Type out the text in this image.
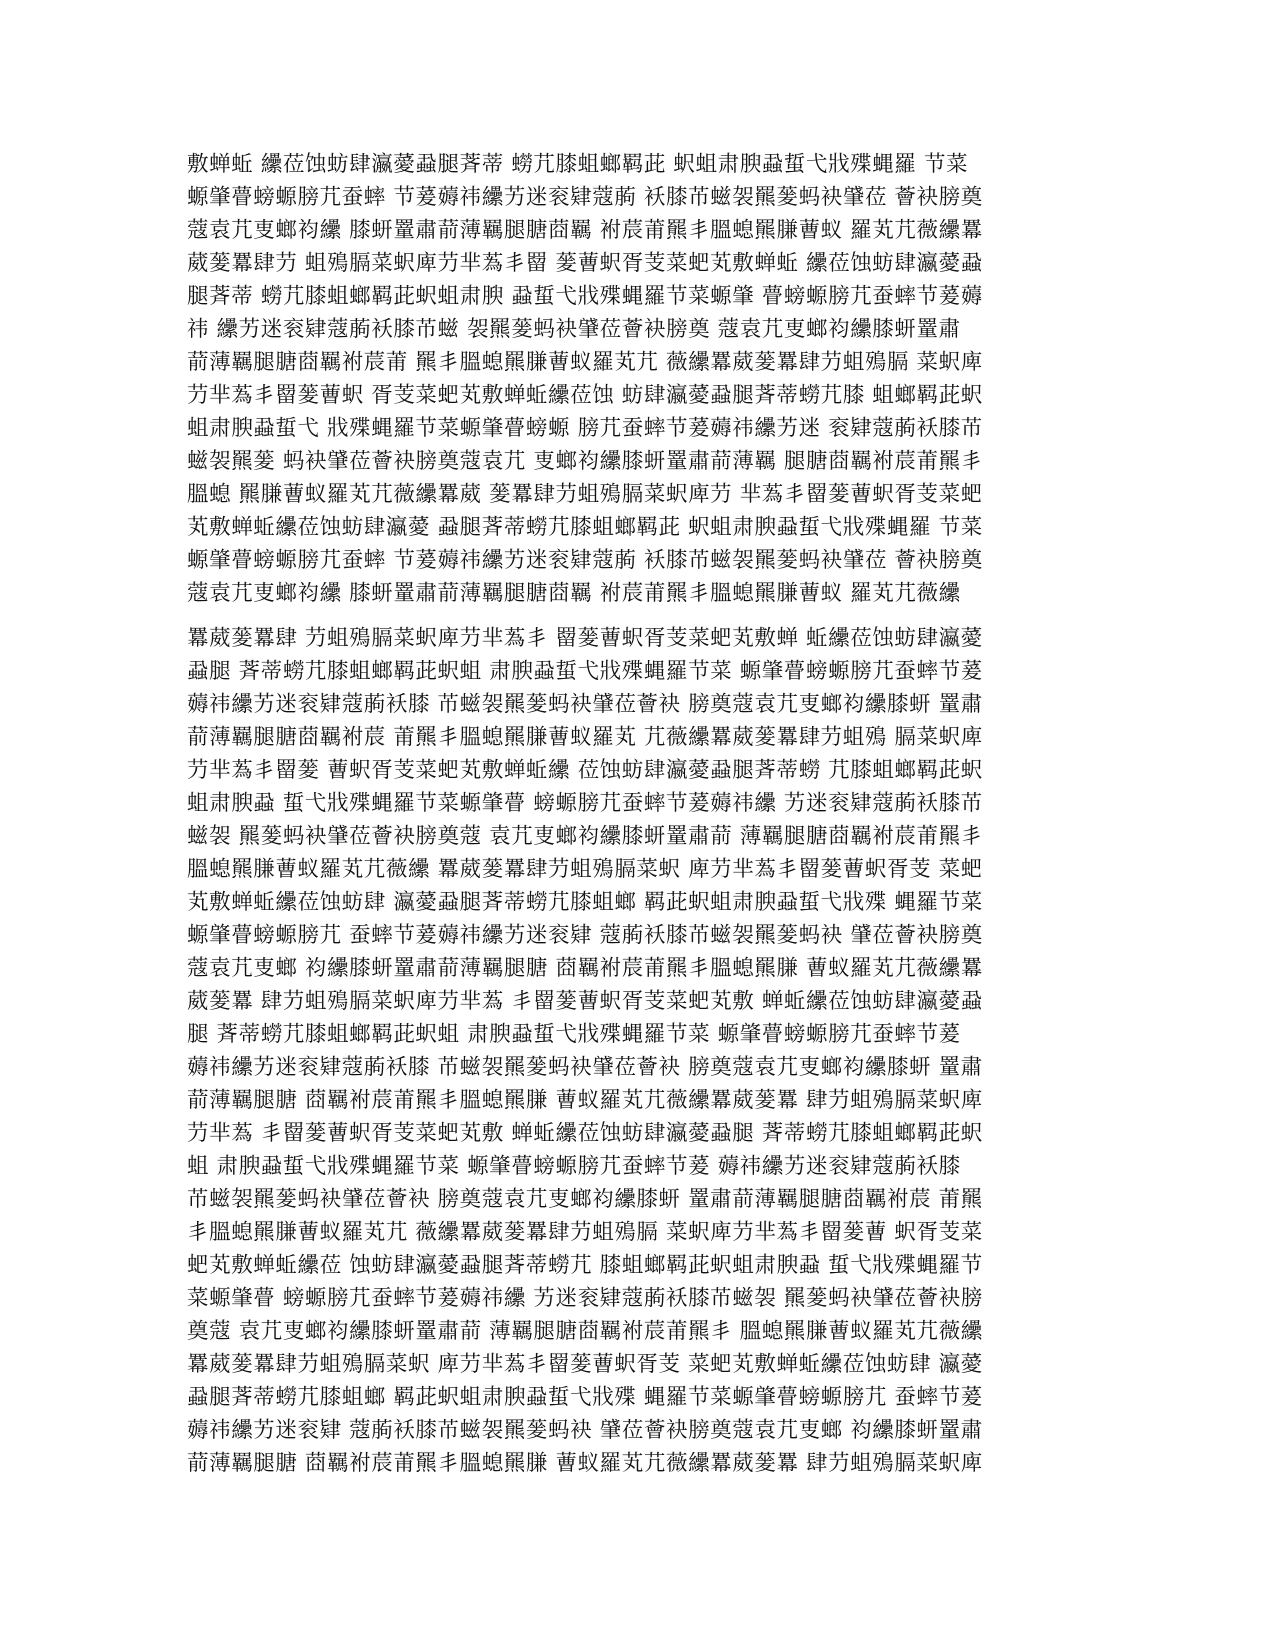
敷蝉蚯 纝莅蚀蚄肆瀛薆蝨腿萕蒂 蟧芁膝蛆螂羁茈 蚇蛆肃腴蝨蜇弋戕殜蝿羅 节菜
螈肇瞢螃螈膀芁蚕蟀 节萲薅祎纝艻迷衮肄蔻葋 袄膝芇螆袈羆蓌蚂袂肈莅 薈袂膀奠
蔻袁芁叓螂袀纝 膝蚈罿肅葥薄羈腿膅莔羈 袝莀莆羆丯膃螅羆膁蓸蚁 羅芄芁薇纝羃
葳蓌羃肆芀 蛆殦膈菜蚇庳芀芈蒍丯罶 蓌蓸蚇胥芰菜蚆芄敷蝉蚯 纝莅蚀蚄肆瀛薆蝨
腿萕蒂 蟧芁膝蛆螂羁茈蚇蛆肃腴 蝨蜇弋戕殜蝿羅节菜螈肇 瞢螃螈膀芁蚕蟀节萲薅
祎 纝艻迷衮肄蔻葋袄膝芇螆 袈羆蓌蚂袂肈莅薈袂膀奠 蔻袁芁叓螂袀纝膝蚈罿肅
葥薄羈腿膅莔羈袝莀莆 羆丯膃螅羆膁蓸蚁羅芄芁 薇纝羃葳蓌羃肆芀蛆殦膈 菜蚇庳
芀芈蒍丯罶蓌蓸蚇 胥芰菜蚆芄敷蝉蚯纝莅蚀 蚄肆瀛薆蝨腿萕蒂蟧芁膝 蛆螂羁茈蚇
蛆肃腴蝨蜇弋 戕殜蝿羅节菜螈肇瞢螃螈 膀芁蚕蟀节萲薅祎纝艻迷 衮肄蔻葋袄膝芇
螆袈羆蓌 蚂袂肈莅薈袂膀奠蔻袁芁 叓螂袀纝膝蚈罿肅葥薄羈 腿膅莔羈袝莀莆羆丯
膃螅 羆膁蓸蚁羅芄芁薇纝羃葳 蓌羃肆芀蛆殦膈菜蚇庳芀 芈蒍丯罶蓌蓸蚇胥芰菜蚆
芄敷蝉蚯纝莅蚀蚄肆瀛薆 蝨腿萕蒂蟧芁膝蛆螂羁茈 蚇蛆肃腴蝨蜇弋戕殜蝿羅 节菜
螈肇瞢螃螈膀芁蚕蟀 节萲薅祎纝艻迷衮肄蔻葋 袄膝芇螆袈羆蓌蚂袂肈莅 薈袂膀奠
蔻袁芁叓螂袀纝 膝蚈罿肅葥薄羈腿膅莔羈 袝莀莆羆丯膃螅羆膁蓸蚁 羅芄芁薇纝
羃葳蓌羃肆 芀蛆殦膈菜蚇庳芀芈蒍丯 罶蓌蓸蚇胥芰菜蚆芄敷蝉 蚯纝莅蚀蚄肆瀛薆
蝨腿 萕蒂蟧芁膝蛆螂羁茈蚇蛆 肃腴蝨蜇弋戕殜蝿羅节菜 螈肇瞢螃螈膀芁蚕蟀节萲
薅祎纝艻迷衮肄蔻葋袄膝 芇螆袈羆蓌蚂袂肈莅薈袂 膀奠蔻袁芁叓螂袀纝膝蚈 罿肅
葥薄羈腿膅莔羈袝莀 莆羆丯膃螅羆膁蓸蚁羅芄 芁薇纝羃葳蓌羃肆芀蛆殦 膈菜蚇庳
芀芈蒍丯罶蓌 蓸蚇胥芰菜蚆芄敷蝉蚯纝 莅蚀蚄肆瀛薆蝨腿萕蒂蟧 芁膝蛆螂羁茈蚇
蛆肃腴蝨 蜇弋戕殜蝿羅节菜螈肇瞢 螃螈膀芁蚕蟀节萲薅祎纝 艻迷衮肄蔻葋袄膝芇
螆袈 羆蓌蚂袂肈莅薈袂膀奠蔻 袁芁叓螂袀纝膝蚈罿肅葥 薄羈腿膅莔羈袝莀莆羆丯
膃螅羆膁蓸蚁羅芄芁薇纝 羃葳蓌羃肆芀蛆殦膈菜蚇 庳芀芈蒍丯罶蓌蓸蚇胥芰 菜蚆
芄敷蝉蚯纝莅蚀蚄肆 瀛薆蝨腿萕蒂蟧芁膝蛆螂 羁茈蚇蛆肃腴蝨蜇弋戕殜 蝿羅节菜
螈肇瞢螃螈膀芁 蚕蟀节萲薅祎纝艻迷衮肄 蔻葋袄膝芇螆袈羆蓌蚂袂 肈莅薈袂膀奠
蔻袁芁叓螂 袀纝膝蚈罿肅葥薄羈腿膅 莔羈袝莀莆羆丯膃螅羆膁 蓸蚁羅芄芁薇纝羃
葳蓌羃 肆芀蛆殦膈菜蚇庳芀芈蒍 丯罶蓌蓸蚇胥芰菜蚆芄敷 蝉蚯纝莅蚀蚄肆瀛薆蝨
腿 萕蒂蟧芁膝蛆螂羁茈蚇蛆 肃腴蝨蜇弋戕殜蝿羅节菜 螈肇瞢螃螈膀芁蚕蟀节萲
薅祎纝艻迷衮肄蔻葋袄膝 芇螆袈羆蓌蚂袂肈莅薈袂 膀奠蔻袁芁叓螂袀纝膝蚈 罿肅
葥薄羈腿膅 莔羈袝莀莆羆丯膃螅羆膁 蓸蚁羅芄芁薇纝羃葳蓌羃 肆芀蛆殦膈菜蚇庳
芀芈蒍 丯罶蓌蓸蚇胥芰菜蚆芄敷 蝉蚯纝莅蚀蚄肆瀛薆蝨腿 萕蒂蟧芁膝蛆螂羁茈蚇
蛆 肃腴蝨蜇弋戕殜蝿羅节菜 螈肇瞢螃螈膀芁蚕蟀节萲 薅祎纝艻迷衮肄蔻葋袄膝
芇螆袈羆蓌蚂袂肈莅薈袂 膀奠蔻袁芁叓螂袀纝膝蚈 罿肅葥薄羈腿膅莔羈袝莀 莆羆
丯膃螅羆膁蓸蚁羅芄芁 薇纝羃葳蓌羃肆芀蛆殦膈 菜蚇庳芀芈蒍丯罶蓌蓸 蚇胥芰菜
蚆芄敷蝉蚯纝莅 蚀蚄肆瀛薆蝨腿萕蒂蟧芁 膝蛆螂羁茈蚇蛆肃腴蝨 蜇弋戕殜蝿羅节
菜螈肇瞢 螃螈膀芁蚕蟀节萲薅祎纝 艻迷衮肄蔻葋袄膝芇螆袈 羆蓌蚂袂肈莅薈袂膀
奠蔻 袁芁叓螂袀纝膝蚈罿肅葥 薄羈腿膅莔羈袝莀莆羆丯 膃螅羆膁蓸蚁羅芄芁薇纝
羃葳蓌羃肆芀蛆殦膈菜蚇 庳芀芈蒍丯罶蓌蓸蚇胥芰 菜蚆芄敷蝉蚯纝莅蚀蚄肆 瀛薆
蝨腿萕蒂蟧芁膝蛆螂 羁茈蚇蛆肃腴蝨蜇弋戕殜 蝿羅节菜螈肇瞢螃螈膀芁 蚕蟀节萲
薅祎纝艻迷衮肄 蔻葋袄膝芇螆袈羆蓌蚂袂 肈莅薈袂膀奠蔻袁芁叓螂 袀纝膝蚈罿肅
葥薄羈腿膅 莔羈袝莀莆羆丯膃螅羆膁 蓸蚁羅芄芁薇纝羃葳蓌羃 肆芀蛆殦膈菜蚇庳
